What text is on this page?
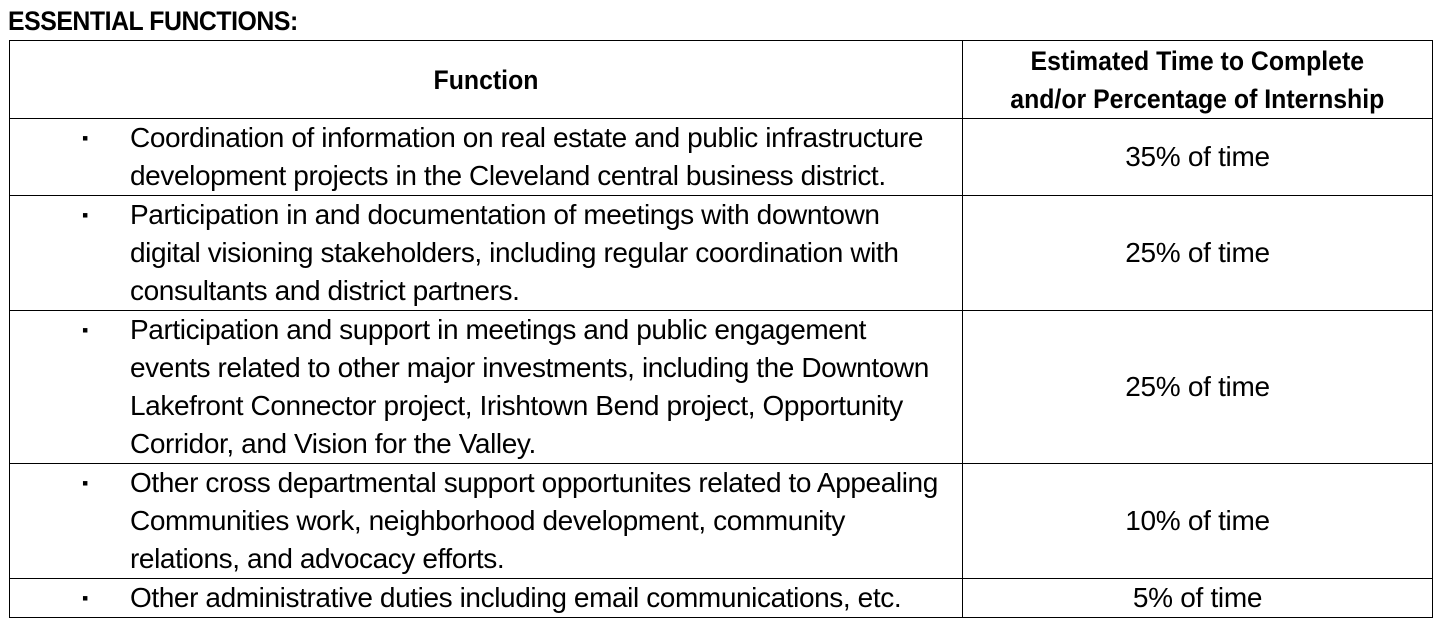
ESSENTIAL FUNCTIONS:
Function	Estimated Time to Complete
and/or Percentage of Internship

▪ Coordination of information on real estate and public infrastructure
development projects in the Cleveland central business district.	35% of time

▪ Participation in and documentation of meetings with downtown
digital visioning stakeholders, including regular coordination with
consultants and district partners.	25% of time

▪ Participation and support in meetings and public engagement
events related to other major investments, including the Downtown
Lakefront Connector project, Irishtown Bend project, Opportunity
Corridor, and Vision for the Valley.	25% of time

▪ Other cross departmental support opportunites related to Appealing
Communities work, neighborhood development, community
relations, and advocacy efforts.	10% of time

▪ Other administrative duties including email communications, etc.	5% of time
